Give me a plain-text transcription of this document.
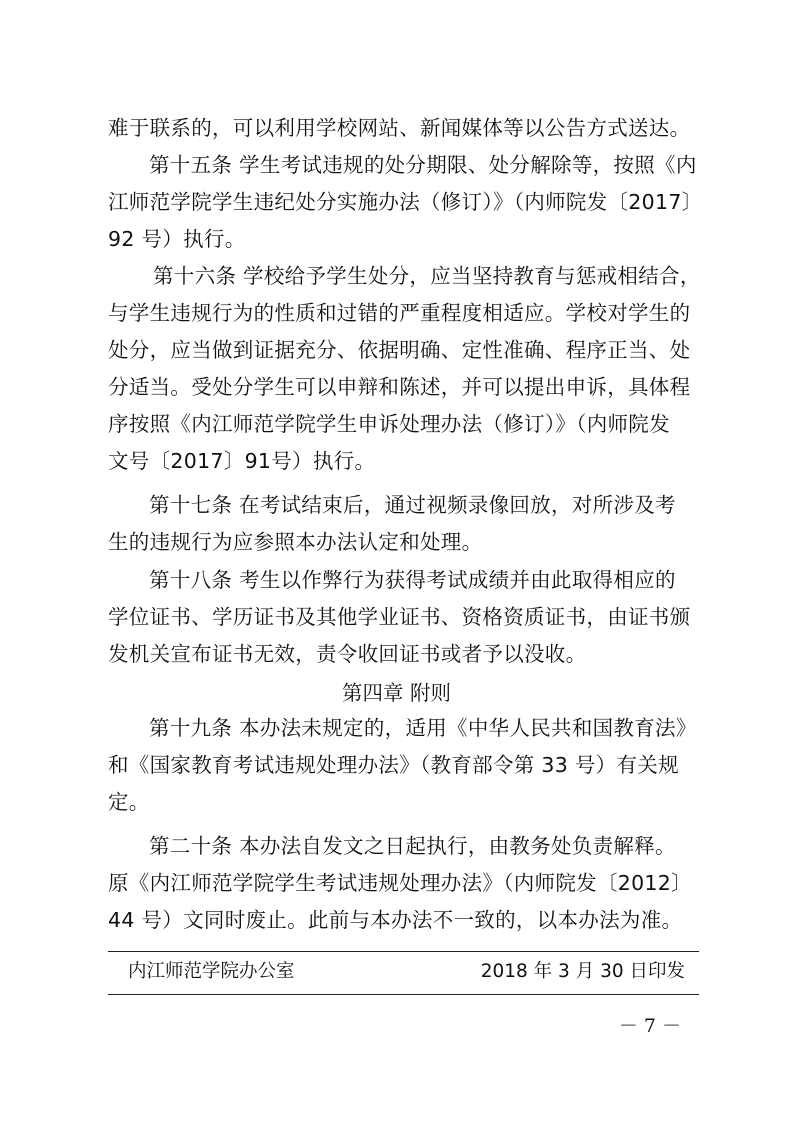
难于联系的，可以利用学校网站、新闻媒体等以公告方式送达。
第十五条 学生考试违规的处分期限、处分解除等，按照《内
江师范学院学生违纪处分实施办法（修订）》（内师院发〔2017〕
92 号）执行。
第十六条 学校给予学生处分，应当坚持教育与惩戒相结合，
与学生违规行为的性质和过错的严重程度相适应。学校对学生的
处分，应当做到证据充分、依据明确、定性准确、程序正当、处
分适当。受处分学生可以申辩和陈述，并可以提出申诉，具体程
序按照《内江师范学院学生申诉处理办法（修订）》（内师院发
文号〔2017〕91号）执行。
第十七条 在考试结束后，通过视频录像回放，对所涉及考
生的违规行为应参照本办法认定和处理。
第十八条 考生以作弊行为获得考试成绩并由此取得相应的
学位证书、学历证书及其他学业证书、资格资质证书，由证书颁
发机关宣布证书无效，责令收回证书或者予以没收。
第四章 附则
第十九条 本办法未规定的，适用《中华人民共和国教育法》
和《国家教育考试违规处理办法》（教育部令第 33 号）有关规
定。
第二十条 本办法自发文之日起执行，由教务处负责解释。
原《内江师范学院学生考试违规处理办法》（内师院发〔2012〕
44 号）文同时废止。此前与本办法不一致的，以本办法为准。
内江师范学院办公室	2018 年 3 月 30 日印发
－ 7 －
